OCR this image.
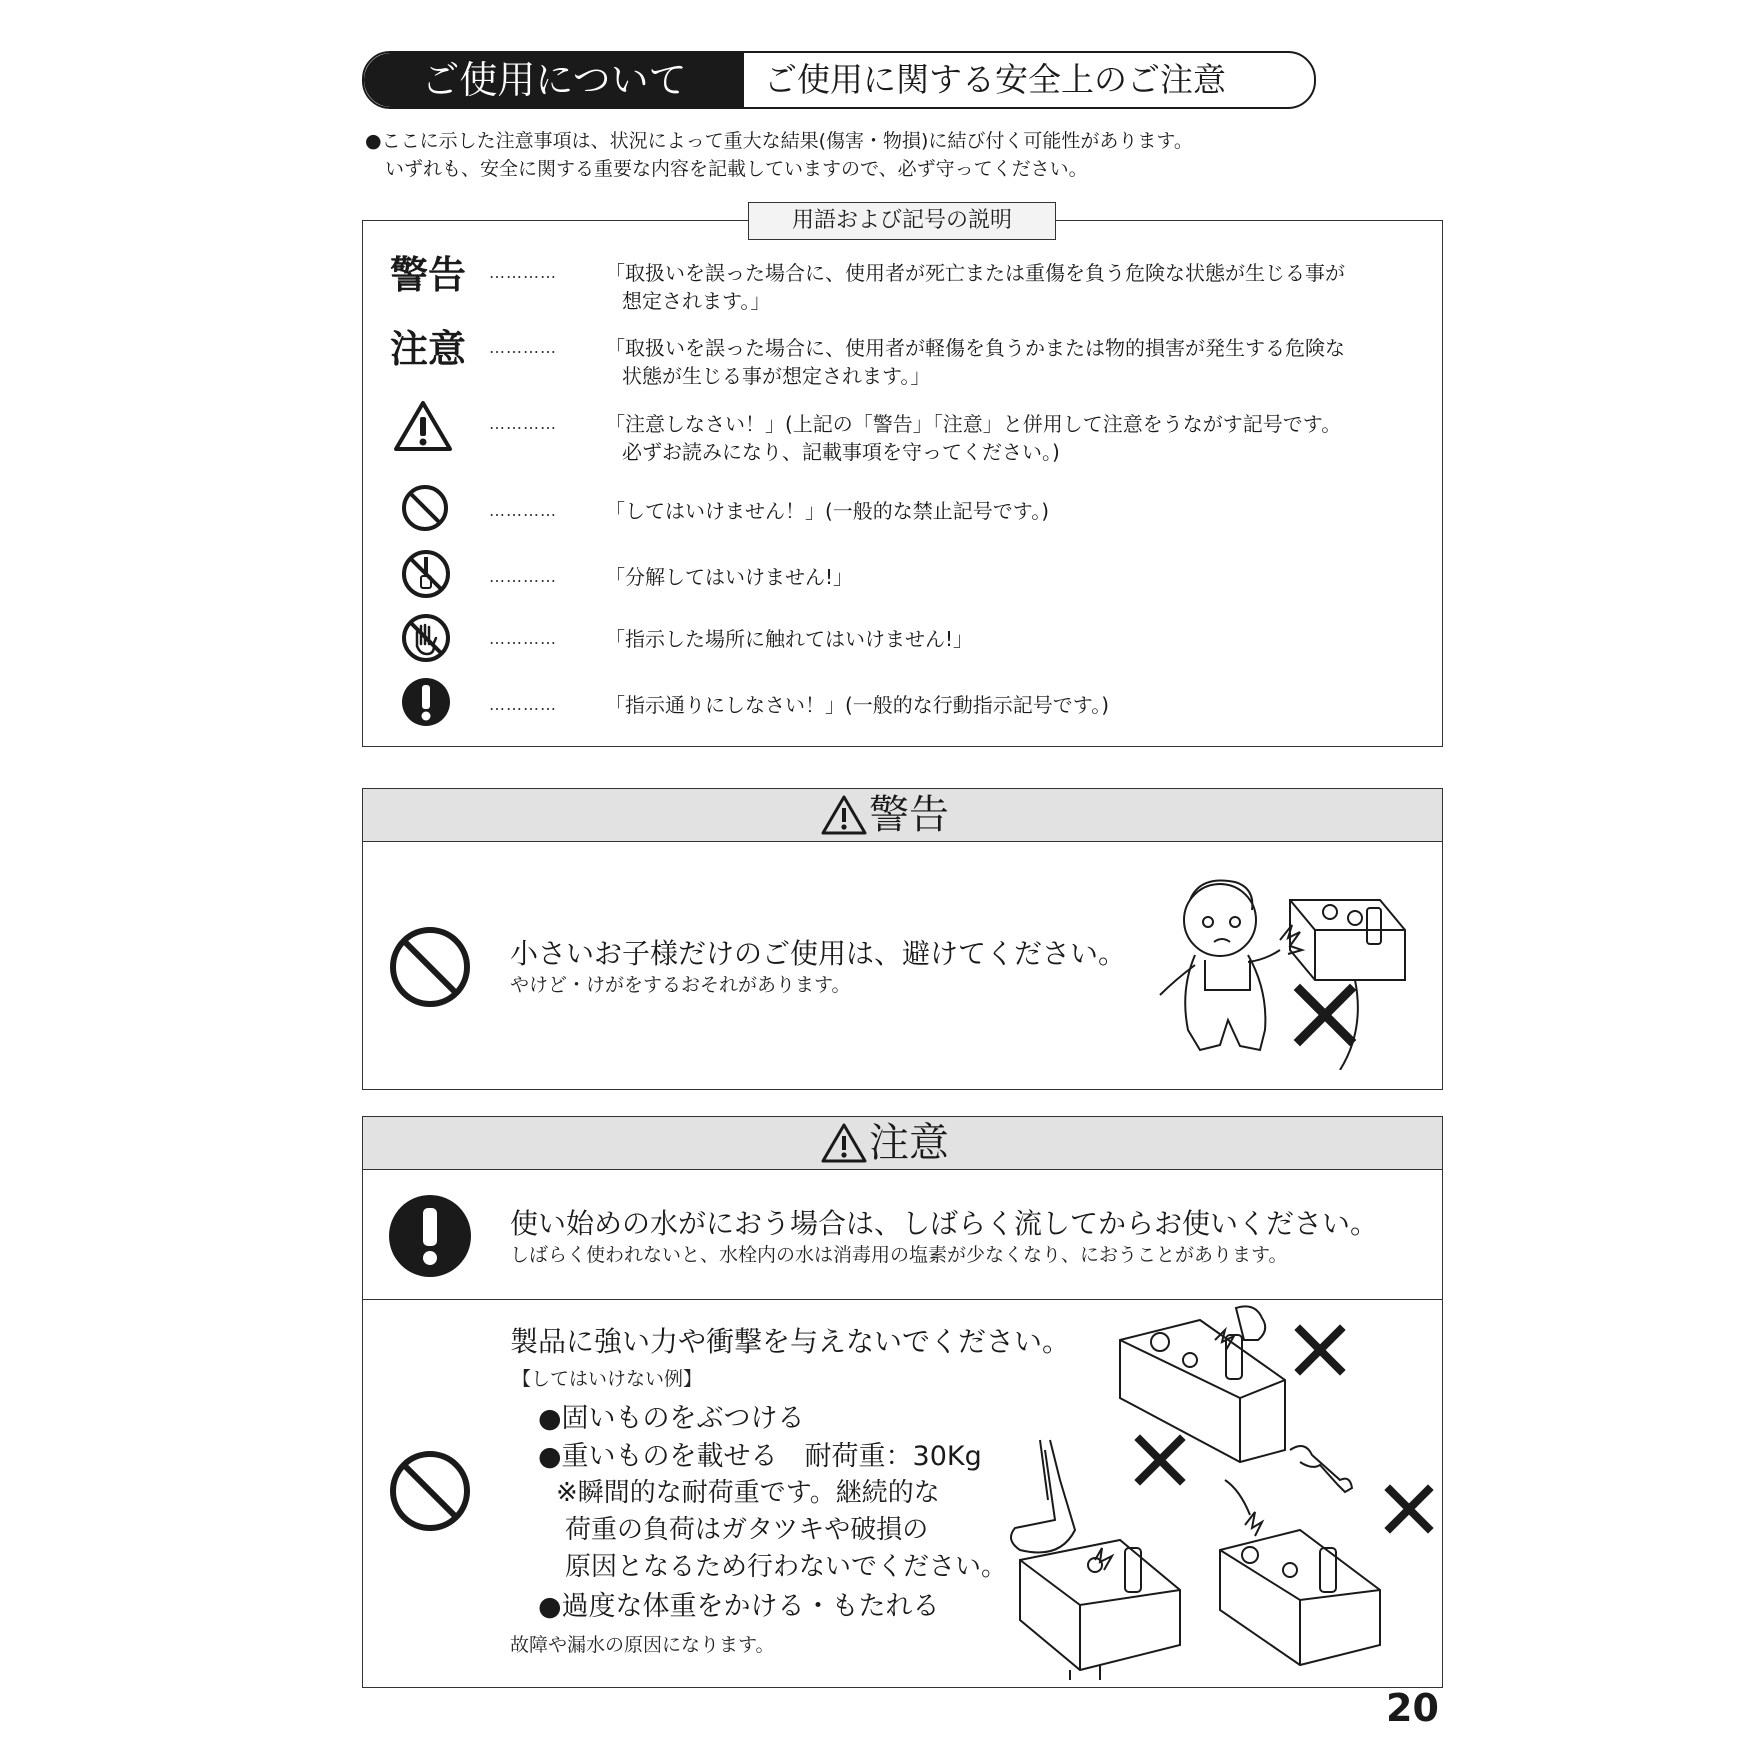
ご使用について	ご使用に関する安全上のご注意
●ここに示した注意事項は、状況によって重大な結果(傷害・物損)に結び付く可能性があります。
いずれも、安全に関する重要な内容を記載していますので、必ず守ってください。
用語および記号の説明
警告 ………… 「取扱いを誤った場合に、使用者が死亡または重傷を負う危険な状態が生じる事が
想定されます。」
注意 ………… 「取扱いを誤った場合に、使用者が軽傷を負うかまたは物的損害が発生する危険な
状態が生じる事が想定されます。」
………… 「注意しなさい！」(上記の「警告」「注意」と併用して注意をうながす記号です。
必ずお読みになり、記載事項を守ってください。)
………… 「してはいけません！」(一般的な禁止記号です。)
………… 「分解してはいけません!」
………… 「指示した場所に触れてはいけません!」
………… 「指示通りにしなさい！」(一般的な行動指示記号です。)
警告
小さいお子様だけのご使用は、避けてください。
やけど・けがをするおそれがあります。
注意
使い始めの水がにおう場合は、しばらく流してからお使いください。
しばらく使われないと、水栓内の水は消毒用の塩素が少なくなり、におうことがあります。
製品に強い力や衝撃を与えないでください。
【してはいけない例】
●固いものをぶつける
●重いものを載せる　耐荷重：30Kg
※瞬間的な耐荷重です。継続的な
荷重の負荷はガタツキや破損の
原因となるため行わないでください。
●過度な体重をかける・もたれる
故障や漏水の原因になります。
20
